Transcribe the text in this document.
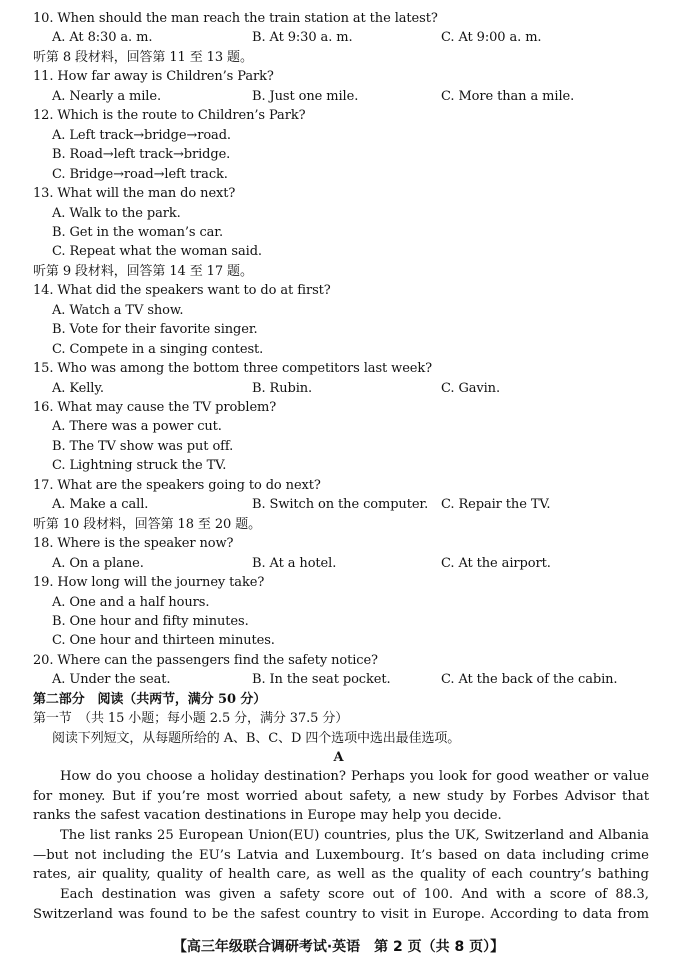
10. When should the man reach the train station at the latest?
A. At 8:30 a. m.	B. At 9:30 a. m.	C. At 9:00 a. m.
听第 8 段材料，回答第 11 至 13 题。
11. How far away is Children’s Park?
A. Nearly a mile.	B. Just one mile.	C. More than a mile.
12. Which is the route to Children’s Park?
A. Left track→bridge→road.
B. Road→left track→bridge.
C. Bridge→road→left track.
13. What will the man do next?
A. Walk to the park.
B. Get in the woman’s car.
C. Repeat what the woman said.
听第 9 段材料，回答第 14 至 17 题。
14. What did the speakers want to do at first?
A. Watch a TV show.
B. Vote for their favorite singer.
C. Compete in a singing contest.
15. Who was among the bottom three competitors last week?
A. Kelly.	B. Rubin.	C. Gavin.
16. What may cause the TV problem?
A. There was a power cut.
B. The TV show was put off.
C. Lightning struck the TV.
17. What are the speakers going to do next?
A. Make a call.	B. Switch on the computer. C. Repair the TV.
听第 10 段材料，回答第 18 至 20 题。
18. Where is the speaker now?
A. On a plane.	B. At a hotel.	C. At the airport.
19. How long will the journey take?
A. One and a half hours.
B. One hour and fifty minutes.
C. One hour and thirteen minutes.
20. Where can the passengers find the safety notice?
A. Under the seat.	B. In the seat pocket.	C. At the back of the cabin.
第二部分　阅读（共两节，满分 50 分）
第一节　（共 15 小题；每小题 2.5 分，满分 37.5 分）
阅读下列短文，从每题所给的 A、B、C、D 四个选项中选出最佳选项。
A
How do you choose a holiday destination? Perhaps you look for good weather or value for money. But if you’re most worried about safety, a new study by Forbes Advisor that ranks the safest vacation destinations in Europe may help you decide.
The list ranks 25 European Union(EU) countries, plus the UK, Switzerland and Albania—but not including the EU’s Latvia and Luxembourg. It’s based on data including crime rates, air quality, quality of health care, as well as the quality of each country’s bathing
Each destination was given a safety score out of 100. And with a score of 88.3, Switzerland was found to be the safest country to visit in Europe. According to data from
【高三年级联合调研考试·英语　第 2 页（共 8 页）】
